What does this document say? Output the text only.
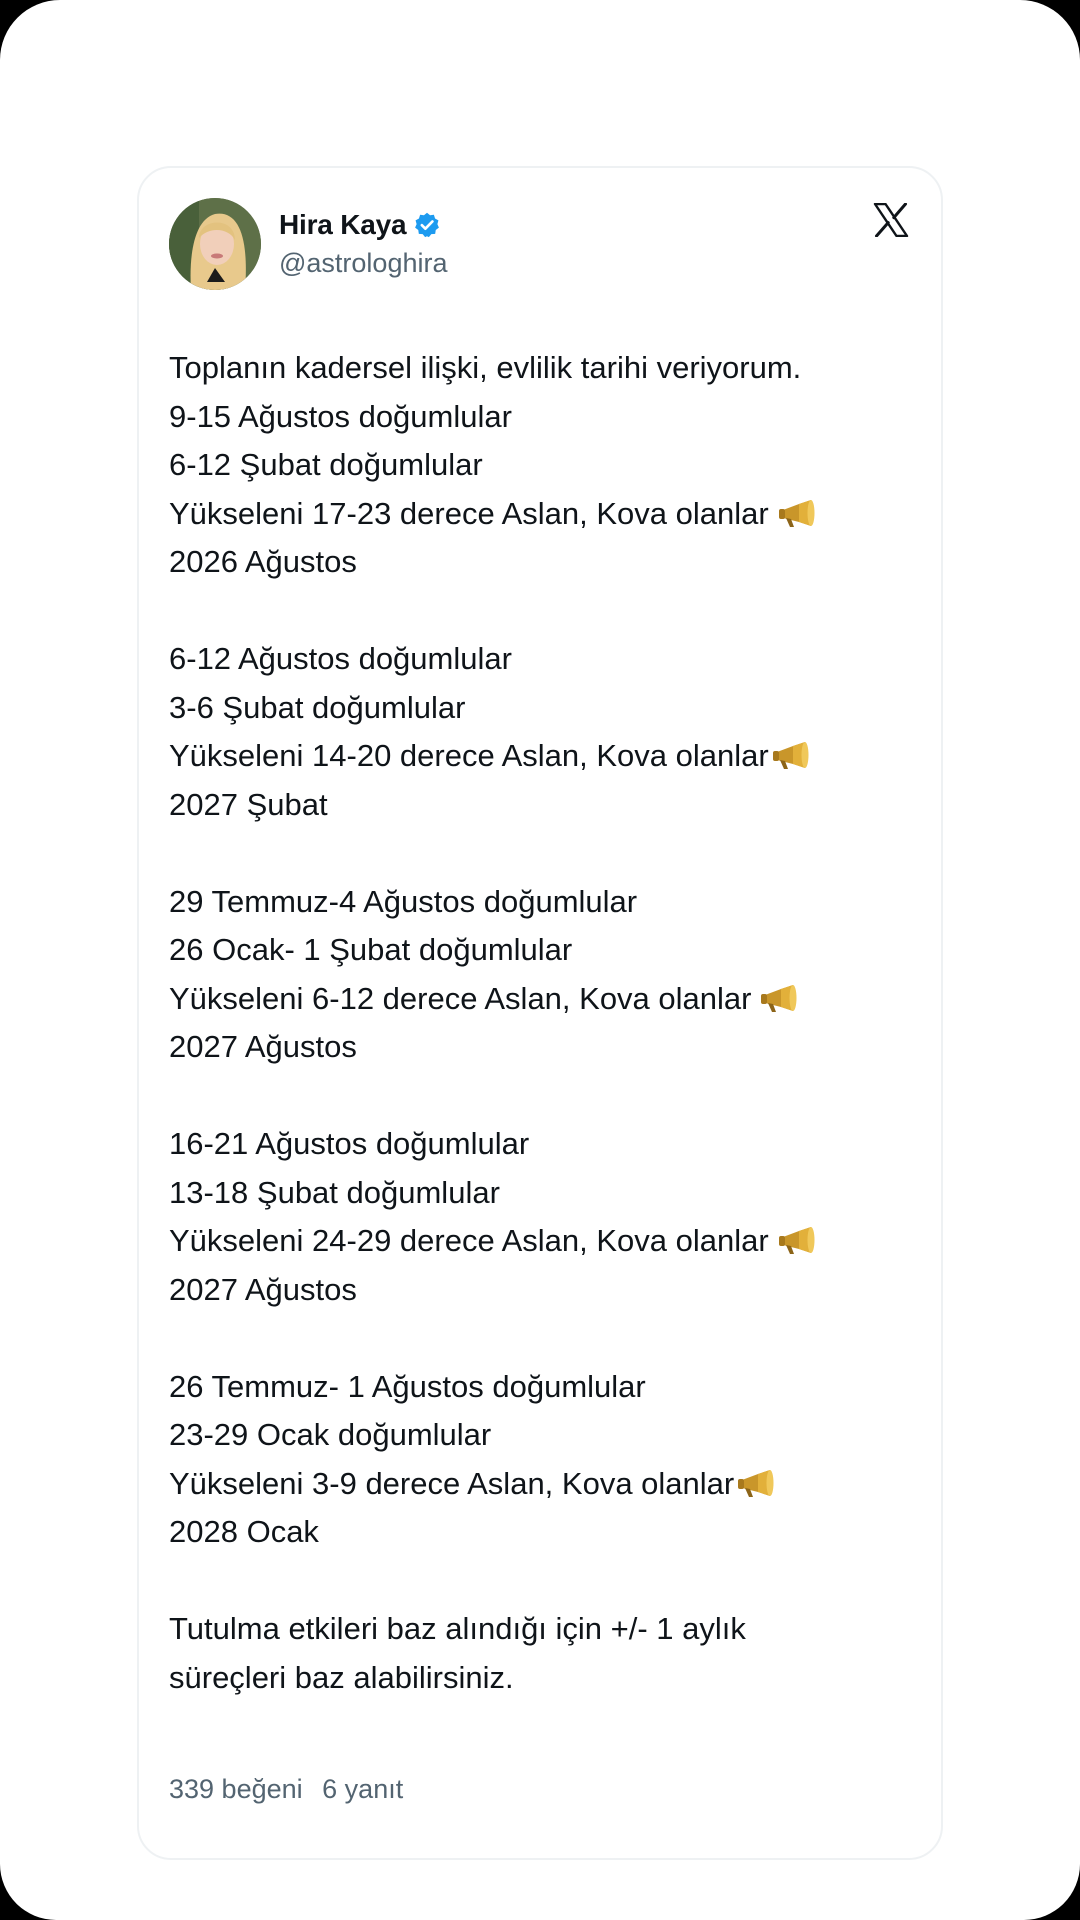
Hira Kaya
@astrologhira
Toplanın kadersel ilişki, evlilik tarihi veriyorum.
9-15 Ağustos doğumlular
6-12 Şubat doğumlular
Yükseleni 17-23 derece Aslan, Kova olanlar
2026 Ağustos
6-12 Ağustos doğumlular
3-6 Şubat doğumlular
Yükseleni 14-20 derece Aslan, Kova olanlar
2027 Şubat
29 Temmuz-4 Ağustos doğumlular
26 Ocak- 1 Şubat doğumlular
Yükseleni 6-12 derece Aslan, Kova olanlar
2027 Ağustos
16-21 Ağustos doğumlular
13-18 Şubat doğumlular
Yükseleni 24-29 derece Aslan, Kova olanlar
2027 Ağustos
26 Temmuz- 1 Ağustos doğumlular
23-29 Ocak doğumlular
Yükseleni 3-9 derece Aslan, Kova olanlar
2028 Ocak
Tutulma etkileri baz alındığı için +/- 1 aylık
süreçleri baz alabilirsiniz.
339 beğeni 6 yanıt
